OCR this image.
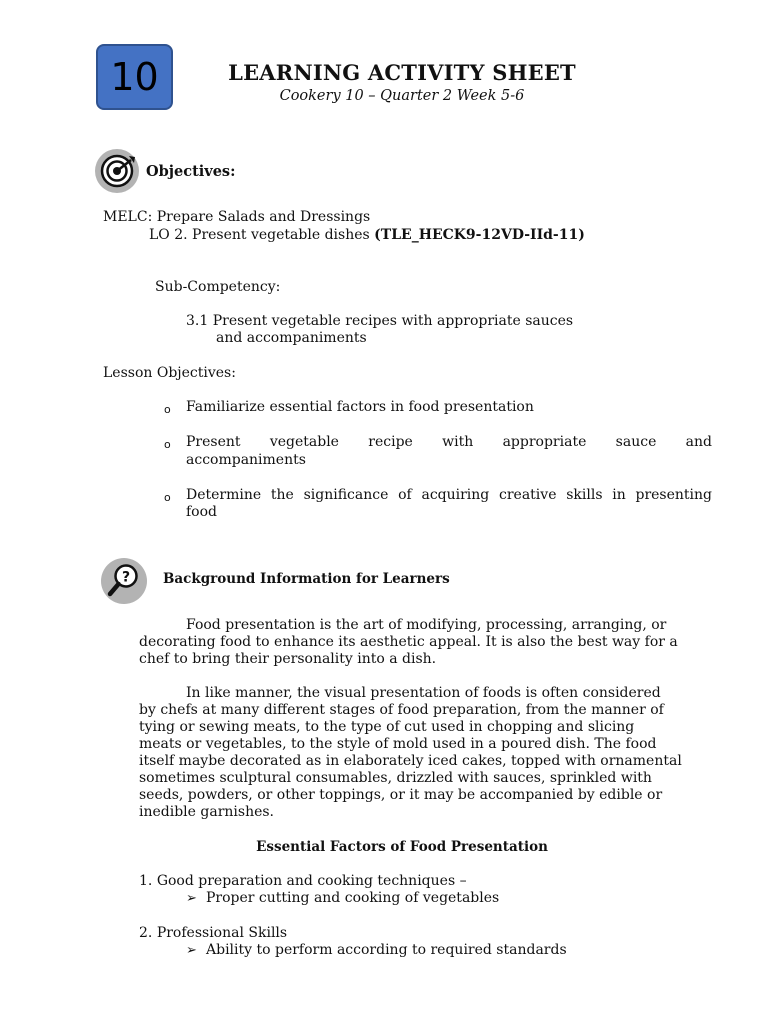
10	LEARNING ACTIVITY SHEET
Cookery 10 – Quarter 2 Week 5-6
Objectives:
MELC: Prepare Salads and Dressings
LO 2. Present vegetable dishes (TLE_HECK9-12VD-IId-11)
Sub-Competency:
3.1 Present vegetable recipes with appropriate sauces
and accompaniments
Lesson Objectives:
o Familiarize essential factors in food presentation
o Present vegetable recipe with appropriate sauce and
accompaniments
o Determine the significance of acquiring creative skills in presenting
food
? Background Information for Learners
Food presentation is the art of modifying, processing, arranging, or
decorating food to enhance its aesthetic appeal. It is also the best way for a
chef to bring their personality into a dish.
In like manner, the visual presentation of foods is often considered
by chefs at many different stages of food preparation, from the manner of
tying or sewing meats, to the type of cut used in chopping and slicing
meats or vegetables, to the style of mold used in a poured dish. The food
itself maybe decorated as in elaborately iced cakes, topped with ornamental
sometimes sculptural consumables, drizzled with sauces, sprinkled with
seeds, powders, or other toppings, or it may be accompanied by edible or
inedible garnishes.
Essential Factors of Food Presentation
1. Good preparation and cooking techniques –
➢ Proper cutting and cooking of vegetables
2. Professional Skills
➢ Ability to perform according to required standards
